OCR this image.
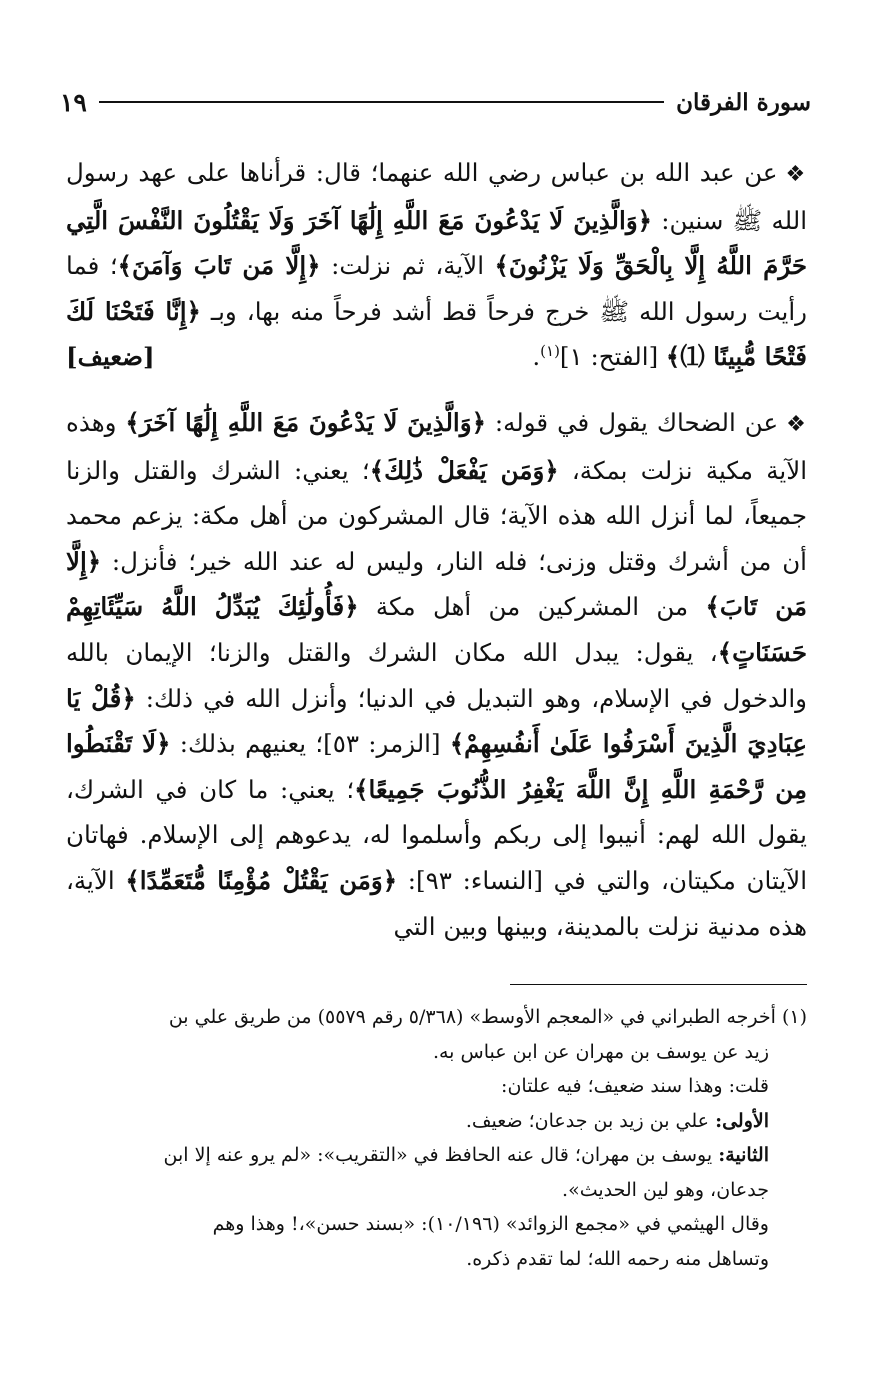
سورة الفرقان
١٩

❖عن عبد الله بن عباس رضي الله عنهما؛ قال: قرأناها على عهد رسول الله ﷺ سنين: ﴿وَالَّذِينَ لَا يَدْعُونَ مَعَ اللَّهِ إِلَٰهًا آخَرَ وَلَا يَقْتُلُونَ النَّفْسَ الَّتِي حَرَّمَ اللَّهُ إِلَّا بِالْحَقِّ وَلَا يَزْنُونَ﴾ الآية، ثم نزلت: ﴿إِلَّا مَن تَابَ وَآمَنَ﴾؛ فما رأيت رسول الله ﷺ خرج فرحاً قط أشد فرحاً منه بها، وبـ ﴿إِنَّا فَتَحْنَا لَكَ فَتْحًا مُّبِينًا ⑴﴾ [الفتح: ١]$^{(١)}$.
[ضعيف]

❖عن الضحاك يقول في قوله: ﴿وَالَّذِينَ لَا يَدْعُونَ مَعَ اللَّهِ إِلَٰهًا آخَرَ﴾ وهذه الآية مكية نزلت بمكة، ﴿وَمَن يَفْعَلْ ذَٰلِكَ﴾؛ يعني: الشرك والقتل والزنا جميعاً، لما أنزل الله هذه الآية؛ قال المشركون من أهل مكة: يزعم محمد أن من أشرك وقتل وزنى؛ فله النار، وليس له عند الله خير؛ فأنزل: ﴿إِلَّا مَن تَابَ﴾ من المشركين من أهل مكة ﴿فَأُولَٰئِكَ يُبَدِّلُ اللَّهُ سَيِّئَاتِهِمْ حَسَنَاتٍ﴾، يقول: يبدل الله مكان الشرك والقتل والزنا؛ الإيمان بالله والدخول في الإسلام، وهو التبديل في الدنيا؛ وأنزل الله في ذلك: ﴿قُلْ يَا عِبَادِيَ الَّذِينَ أَسْرَفُوا عَلَىٰ أَنفُسِهِمْ﴾ [الزمر: ٥٣]؛ يعنيهم بذلك: ﴿لَا تَقْنَطُوا مِن رَّحْمَةِ اللَّهِ إِنَّ اللَّهَ يَغْفِرُ الذُّنُوبَ جَمِيعًا﴾؛ يعني: ما كان في الشرك، يقول الله لهم: أنيبوا إلى ربكم وأسلموا له، يدعوهم إلى الإسلام. فهاتان الآيتان مكيتان، والتي في [النساء: ٩٣]: ﴿وَمَن يَقْتُلْ مُؤْمِنًا مُّتَعَمِّدًا﴾ الآية، هذه مدنية نزلت بالمدينة، وبينها وبين التي

(١) أخرجه الطبراني في «المعجم الأوسط» (٥/٣٦٨ رقم ٥٥٧٩) من طريق علي بن
زيد عن يوسف بن مهران عن ابن عباس به.
قلت: وهذا سند ضعيف؛ فيه علتان:
الأولى: علي بن زيد بن جدعان؛ ضعيف.
الثانية: يوسف بن مهران؛ قال عنه الحافظ في «التقريب»: «لم يرو عنه إلا ابن
جدعان، وهو لين الحديث».
وقال الهيثمي في «مجمع الزوائد» (١٠/١٩٦): «بسند حسن»،! وهذا وهم
وتساهل منه رحمه الله؛ لما تقدم ذكره.
